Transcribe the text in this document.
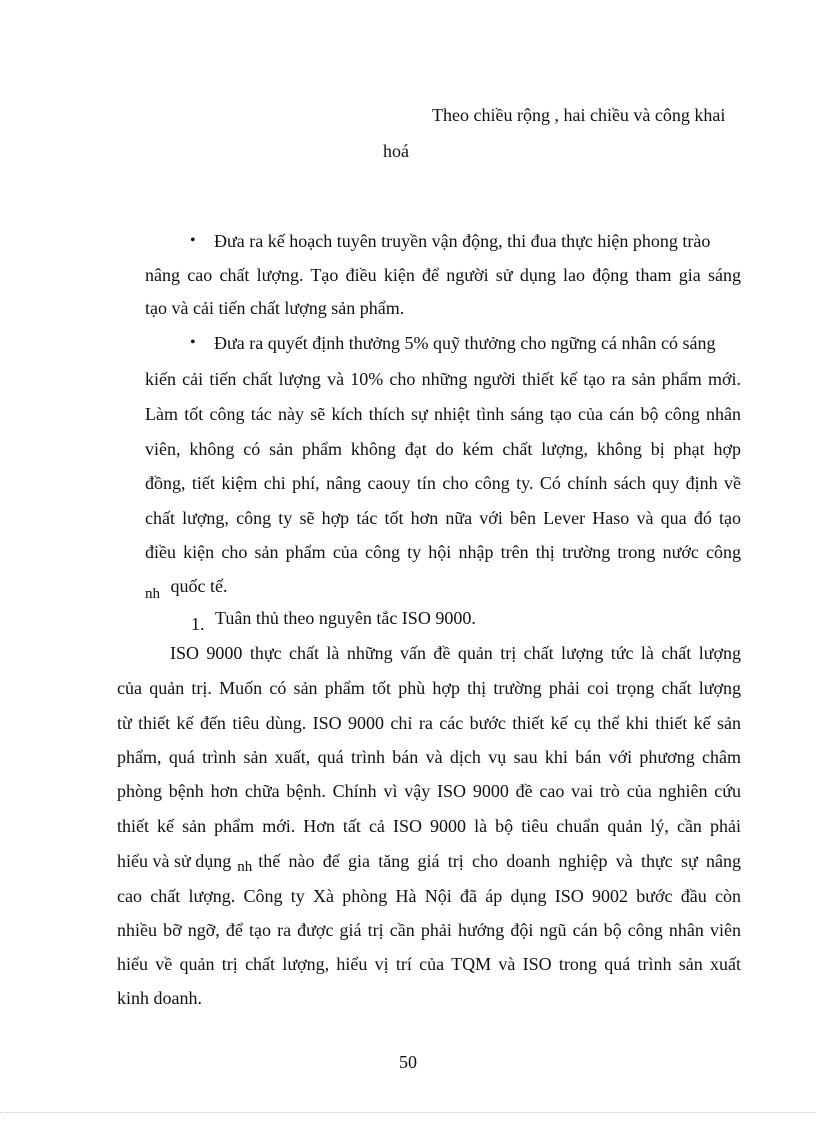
Theo chiều rộng , hai chiều và công khai
hoá
• Đưa ra kế hoạch tuyên truyền vận động, thi đua thực hiện phong trào
nâng cao chất lượng. Tạo điều kiện để người sử dụng lao động tham gia sáng
tạo và cải tiến chất lượng sản phẩm.
• Đưa ra quyết định thưởng 5% quỹ thưởng cho ngững cá nhân có sáng
kiến cải tiến chất lượng và 10% cho những người thiết kế tạo ra sản phẩm mới.
Làm tốt công tác này sẽ kích thích sự nhiệt tình sáng tạo của cán bộ công nhân
viên, không có sản phẩm không đạt do kém chất lượng, không bị phạt hợp
đồng, tiết kiệm chi phí, nâng caouy tín cho công ty. Có chính sách quy định về
chất lượng, công ty sẽ hợp tác tốt hơn nữa với bên Lever Haso và qua đó tạo
điều kiện cho sản phẩm của công ty hội nhập trên thị trường trong nước công
$_{nh}$ quốc tế.
1. Tuân thủ theo nguyên tắc ISO 9000.
ISO 9000 thực chất là những vấn đề quản trị chất lượng tức là chất lượng
của quản trị. Muốn có sản phẩm tốt phù hợp thị trường phải coi trọng chất lượng
từ thiết kế đến tiêu dùng. ISO 9000 chỉ ra các bước thiết kế cụ thể khi thiết kế sản
phẩm, quá trình sản xuất, quá trình bán và dịch vụ sau khi bán với phương châm
phòng bệnh hơn chữa bệnh. Chính vì vậy ISO 9000 đề cao vai trò của nghiên cứu
thiết kế sản phẩm mới. Hơn tất cả ISO 9000 là bộ tiêu chuẩn quản lý, cần phải
hiểu và sử dụng nh thế nào để gia tăng giá trị cho doanh nghiệp và thực sự nâng
cao chất lượng. Công ty Xà phòng Hà Nội đã áp dụng ISO 9002 bước đầu còn
nhiều bỡ ngỡ, để tạo ra được giá trị cần phải hướng đội ngũ cán bộ công nhân viên
hiểu về quản trị chất lượng, hiểu vị trí của TQM và ISO trong quá trình sản xuất
kinh doanh.
50
